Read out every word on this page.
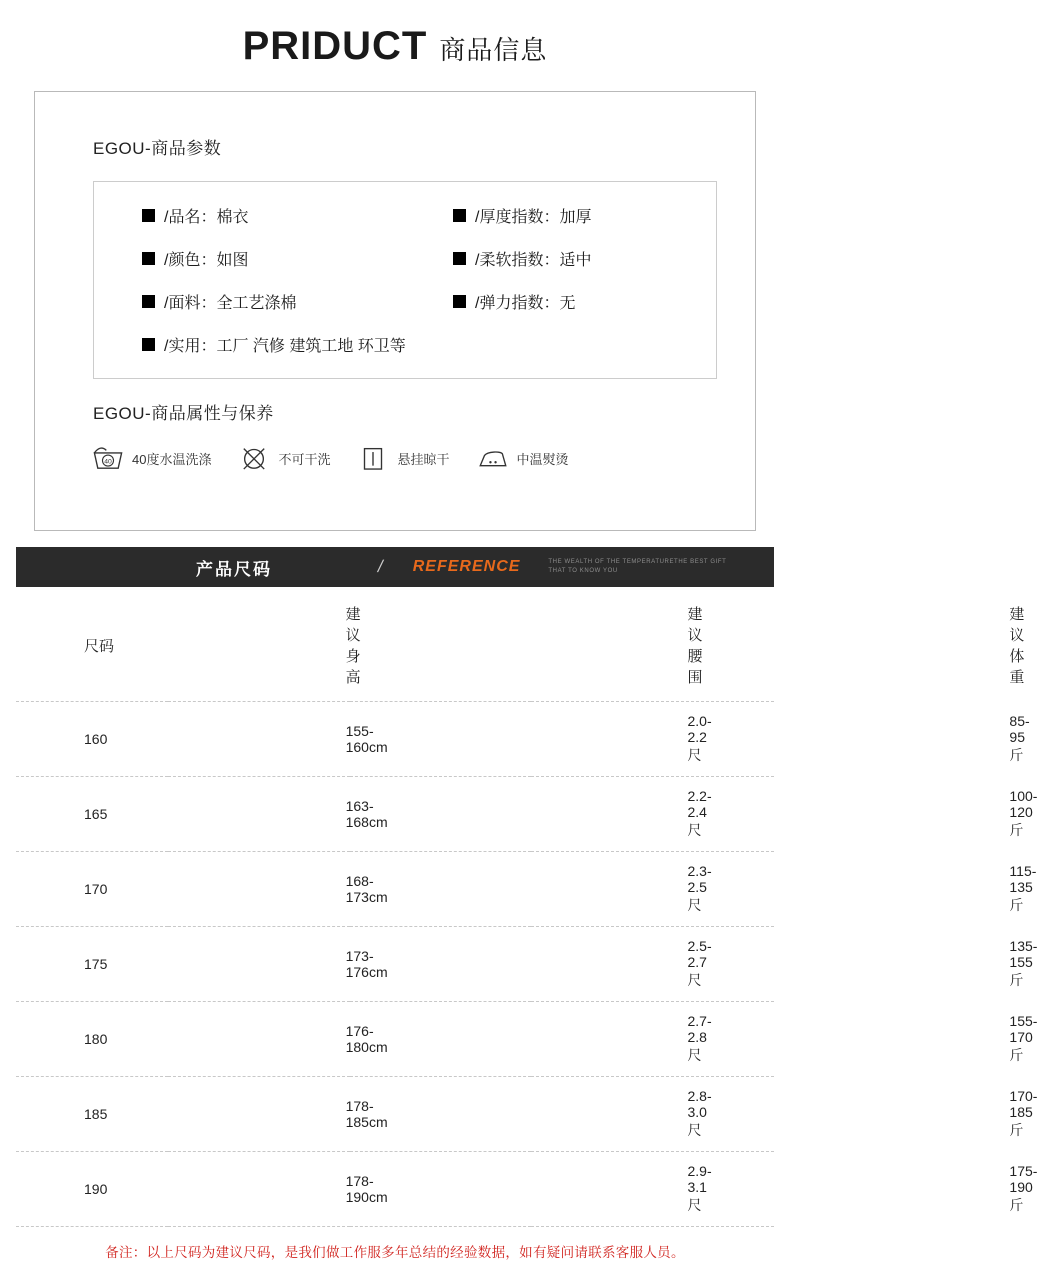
PRIDUCT 商品信息
EGOU-商品参数
/品名：棉衣	/厚度指数：加厚
/颜色：如图	/柔软指数：适中
/面料：全工艺涤棉	/弹力指数：无
/实用：工厂 汽修 建筑工地 环卫等
EGOU-商品属性与保养
40 40度水温洗涤	不可干洗	悬挂晾干	中温熨烫
产品尺码	/ REFERENCE	THE WEALTH OF THE TEMPERATURETHE BEST GIFT THAT TO KNOW YOU
尺码	建议身高	建议腰围	建议体重
160	155-160cm	2.0-2.2 尺	85-95 斤
165	163-168cm	2.2-2.4 尺	100-120 斤
170	168-173cm	2.3-2.5 尺	115-135 斤
175	173-176cm	2.5-2.7 尺	135-155 斤
180	176-180cm	2.7-2.8 尺	155-170 斤
185	178-185cm	2.8-3.0 尺	170-185 斤
190	178-190cm	2.9-3.1 尺	175-190 斤
备注：以上尺码为建议尺码，是我们做工作服多年总结的经验数据，如有疑问请联系客服人员。
